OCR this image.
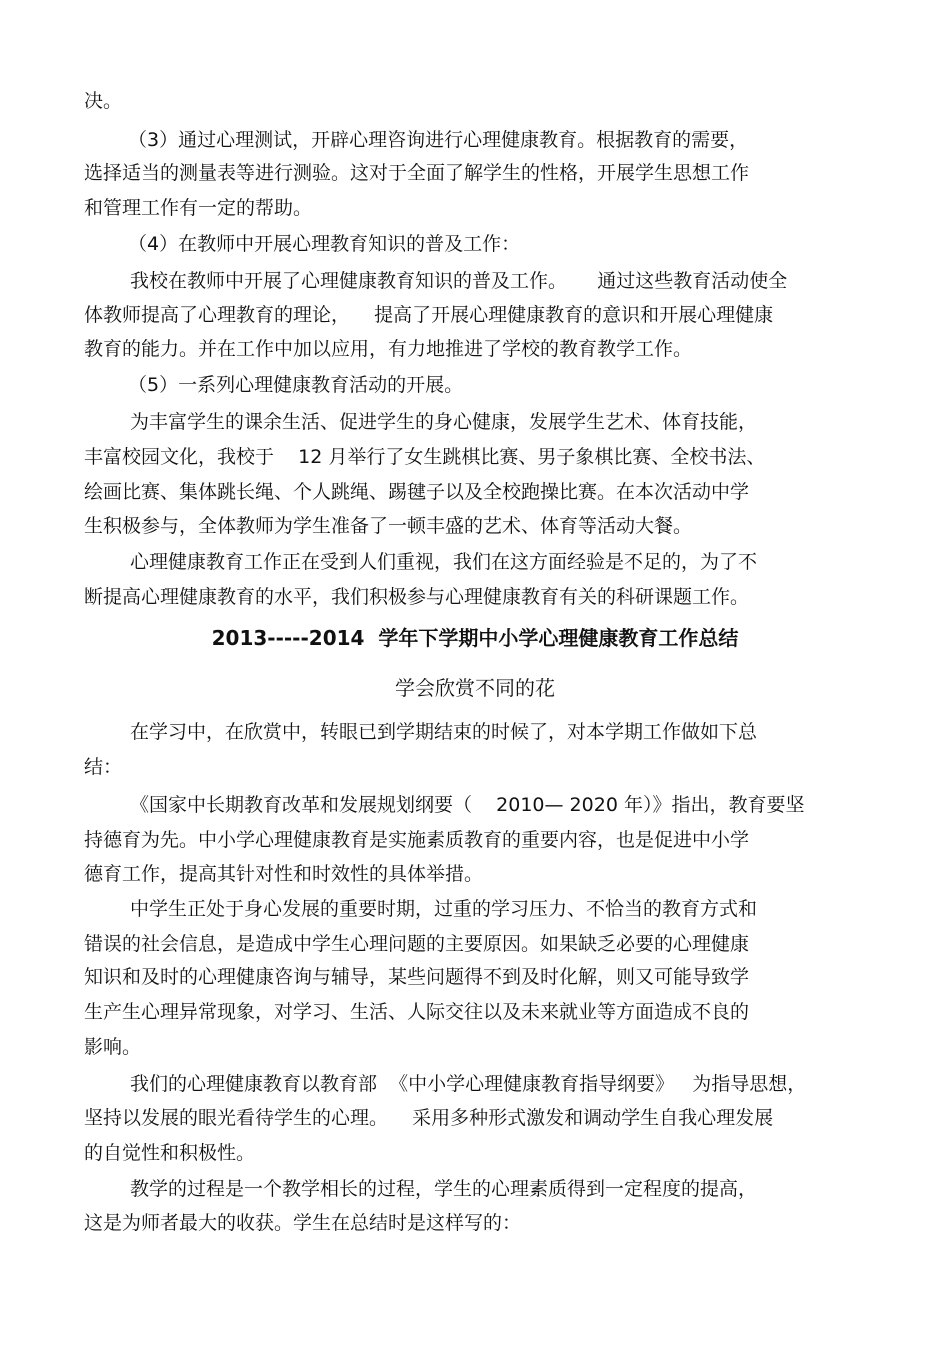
决。
（3）通过心理测试，开辟心理咨询进行心理健康教育。根据教育的需要，
选择适当的测量表等进行测验。这对于全面了解学生的性格，开展学生思想工作
和管理工作有一定的帮助。
（4）在教师中开展心理教育知识的普及工作：
我校在教师中开展了心理健康教育知识的普及工作。     通过这些教育活动使全
体教师提高了心理教育的理论，    提高了开展心理健康教育的意识和开展心理健康
教育的能力。并在工作中加以应用，有力地推进了学校的教育教学工作。
（5）一系列心理健康教育活动的开展。
为丰富学生的课余生活、促进学生的身心健康，发展学生艺术、体育技能，
丰富校园文化，我校于    12 月举行了女生跳棋比赛、男子象棋比赛、全校书法、
绘画比赛、集体跳长绳、个人跳绳、踢毽子以及全校跑操比赛。在本次活动中学
生积极参与，全体教师为学生准备了一顿丰盛的艺术、体育等活动大餐。
心理健康教育工作正在受到人们重视，我们在这方面经验是不足的，为了不
断提高心理健康教育的水平，我们积极参与心理健康教育有关的科研课题工作。
2013-----2014  学年下学期中小学心理健康教育工作总结
学会欣赏不同的花
在学习中，在欣赏中，转眼已到学期结束的时候了，对本学期工作做如下总
结：
《国家中长期教育改革和发展规划纲要（    2010— 2020 年）》指出，教育要坚
持德育为先。中小学心理健康教育是实施素质教育的重要内容，也是促进中小学
德育工作，提高其针对性和时效性的具体举措。
中学生正处于身心发展的重要时期，过重的学习压力、不恰当的教育方式和
错误的社会信息，是造成中学生心理问题的主要原因。如果缺乏必要的心理健康
知识和及时的心理健康咨询与辅导，某些问题得不到及时化解，则又可能导致学
生产生心理异常现象，对学习、生活、人际交往以及未来就业等方面造成不良的
影响。
我们的心理健康教育以教育部  《中小学心理健康教育指导纲要》   为指导思想，
坚持以发展的眼光看待学生的心理。    采用多种形式激发和调动学生自我心理发展
的自觉性和积极性。
教学的过程是一个教学相长的过程，学生的心理素质得到一定程度的提高，
这是为师者最大的收获。学生在总结时是这样写的：
